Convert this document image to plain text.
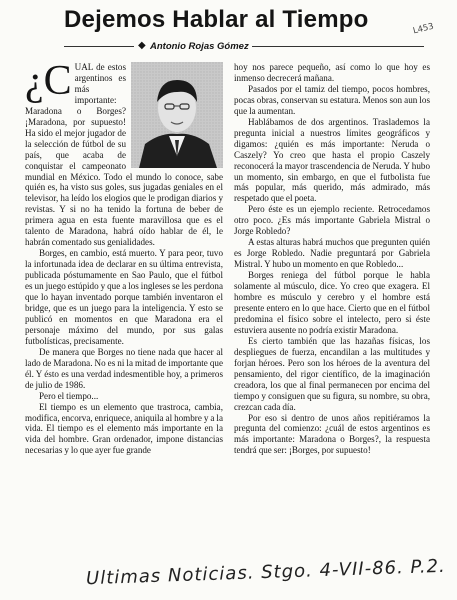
Dejemos Hablar al Tiempo
◆ Antonio Rojas Gómez
L453
¿C UAL de estos argentinos es más importante: Maradona o Borges? ¡Maradona, por supuesto! Ha sido el mejor jugador de la selección de fútbol de su país, que acaba de conquistar el campeonato mundial en México. Todo el mundo lo conoce, sabe quién es, ha visto sus goles, sus jugadas geniales en el televisor, ha leído los elogios que le prodigan diarios y revistas. Y si no ha tenido la fortuna de beber de primera agua en esta fuente maravillosa que es el talento de Maradona, habrá oído hablar de él, le habrán comentado sus genialidades.

Borges, en cambio, está muerto. Y para peor, tuvo la infortunada idea de declarar en su última entrevista, publicada póstumamente en Sao Paulo, que el fútbol es un juego estúpido y que a los ingleses se les perdona que lo hayan inventado porque también inventaron el bridge, que es un juego para la inteligencia. Y esto se publicó en momentos en que Maradona era el personaje máximo del mundo, por sus galas futbolísticas, precisamente.

De manera que Borges no tiene nada que hacer al lado de Maradona. No es ni la mitad de importante que él. Y ésto es una verdad indesmentible hoy, a primeros de julio de 1986.

Pero el tiempo...

El tiempo es un elemento que trastroca, cambia, modifica, encorva, enriquece, aniquila al hombre y a la vida. El tiempo es el elemento más importante en la vida del hombre. Gran ordenador, impone distancias necesarias y lo que ayer fue grande

hoy nos parece pequeño, así como lo que hoy es inmenso decrecerá mañana.

Pasados por el tamiz del tiempo, pocos hombres, pocas obras, conservan su estatura. Menos son aun los que la aumentan.

Hablábamos de dos argentinos. Traslademos la pregunta inicial a nuestros límites geográficos y digamos: ¿quién es más importante: Neruda o Caszely? Yo creo que hasta el propio Caszely reconocerá la mayor trascendencia de Neruda. Y hubo un momento, sin embargo, en que el futbolista fue más popular, más querido, más admirado, más respetado que el poeta.

Pero éste es un ejemplo reciente. Retrocedamos otro poco. ¿Es más importante Gabriela Mistral o Jorge Robledo?

A estas alturas habrá muchos que pregunten quién es Jorge Robledo. Nadie preguntará por Gabriela Mistral. Y hubo un momento en que Robledo...

Borges reniega del fútbol porque le habla solamente al músculo, dice. Yo creo que exagera. El hombre es músculo y cerebro y el hombre está presente entero en lo que hace. Cierto que en el fútbol predomina el físico sobre el intelecto, pero si éste estuviera ausente no podría existir Maradona.

Es cierto también que las hazañas físicas, los despliegues de fuerza, encandilan a las multitudes y forjan héroes. Pero son los héroes de la aventura del pensamiento, del rigor científico, de la imaginación creadora, los que al final permanecen por encima del tiempo y consiguen que su figura, su nombre, su obra, crezcan cada día.

Por eso si dentro de unos años repitiéramos la pregunta del comienzo: ¿cuál de estos argentinos es más importante: Maradona o Borges?, la respuesta tendrá que ser: ¡Borges, por supuesto!

Ultimas Noticias. Stgo. 4-VII-86. P.2.
